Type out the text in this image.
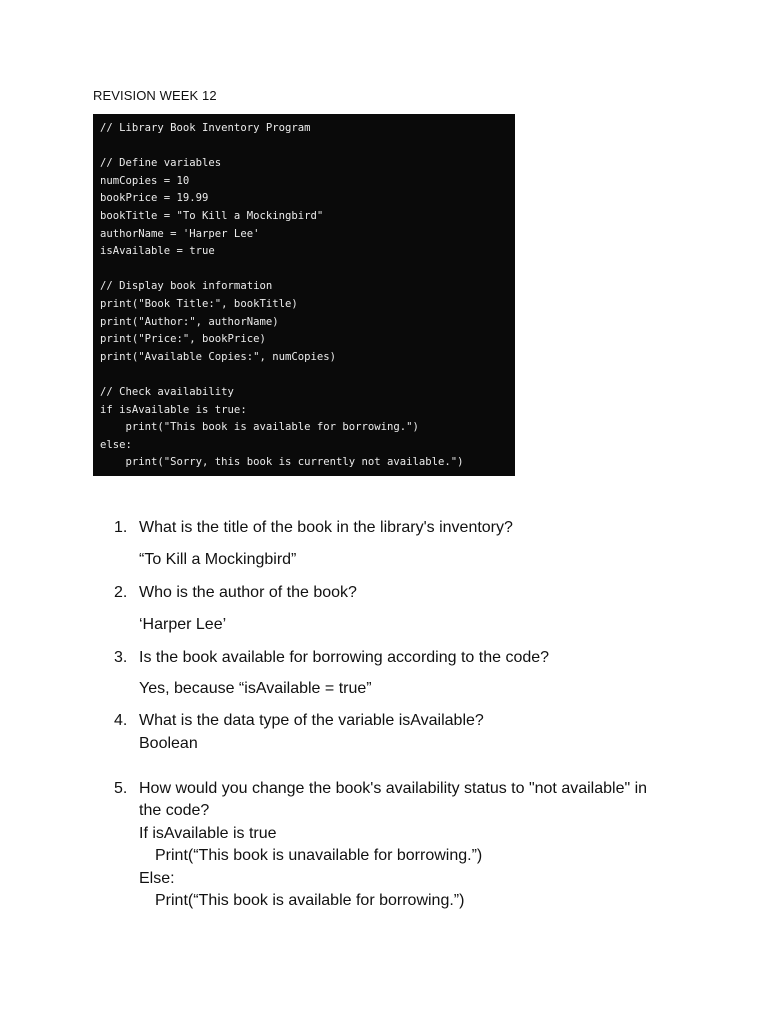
REVISION WEEK 12
// Library Book Inventory Program
// Define variables
numCopies = 10
bookPrice = 19.99
bookTitle = "To Kill a Mockingbird"
authorName = 'Harper Lee'
isAvailable = true
// Display book information
print("Book Title:", bookTitle)
print("Author:", authorName)
print("Price:", bookPrice)
print("Available Copies:", numCopies)
// Check availability
if isAvailable is true:
print("This book is available for borrowing.")
else:
print("Sorry, this book is currently not available.")
1. What is the title of the book in the library's inventory?
“To Kill a Mockingbird”
2. Who is the author of the book?
‘Harper Lee’
3. Is the book available for borrowing according to the code?
Yes, because “isAvailable = true”
4. What is the data type of the variable isAvailable?
Boolean
5. How would you change the book's availability status to "not available" in
the code?
If isAvailable is true
Print(“This book is unavailable for borrowing.”)
Else:
Print(“This book is available for borrowing.”)
